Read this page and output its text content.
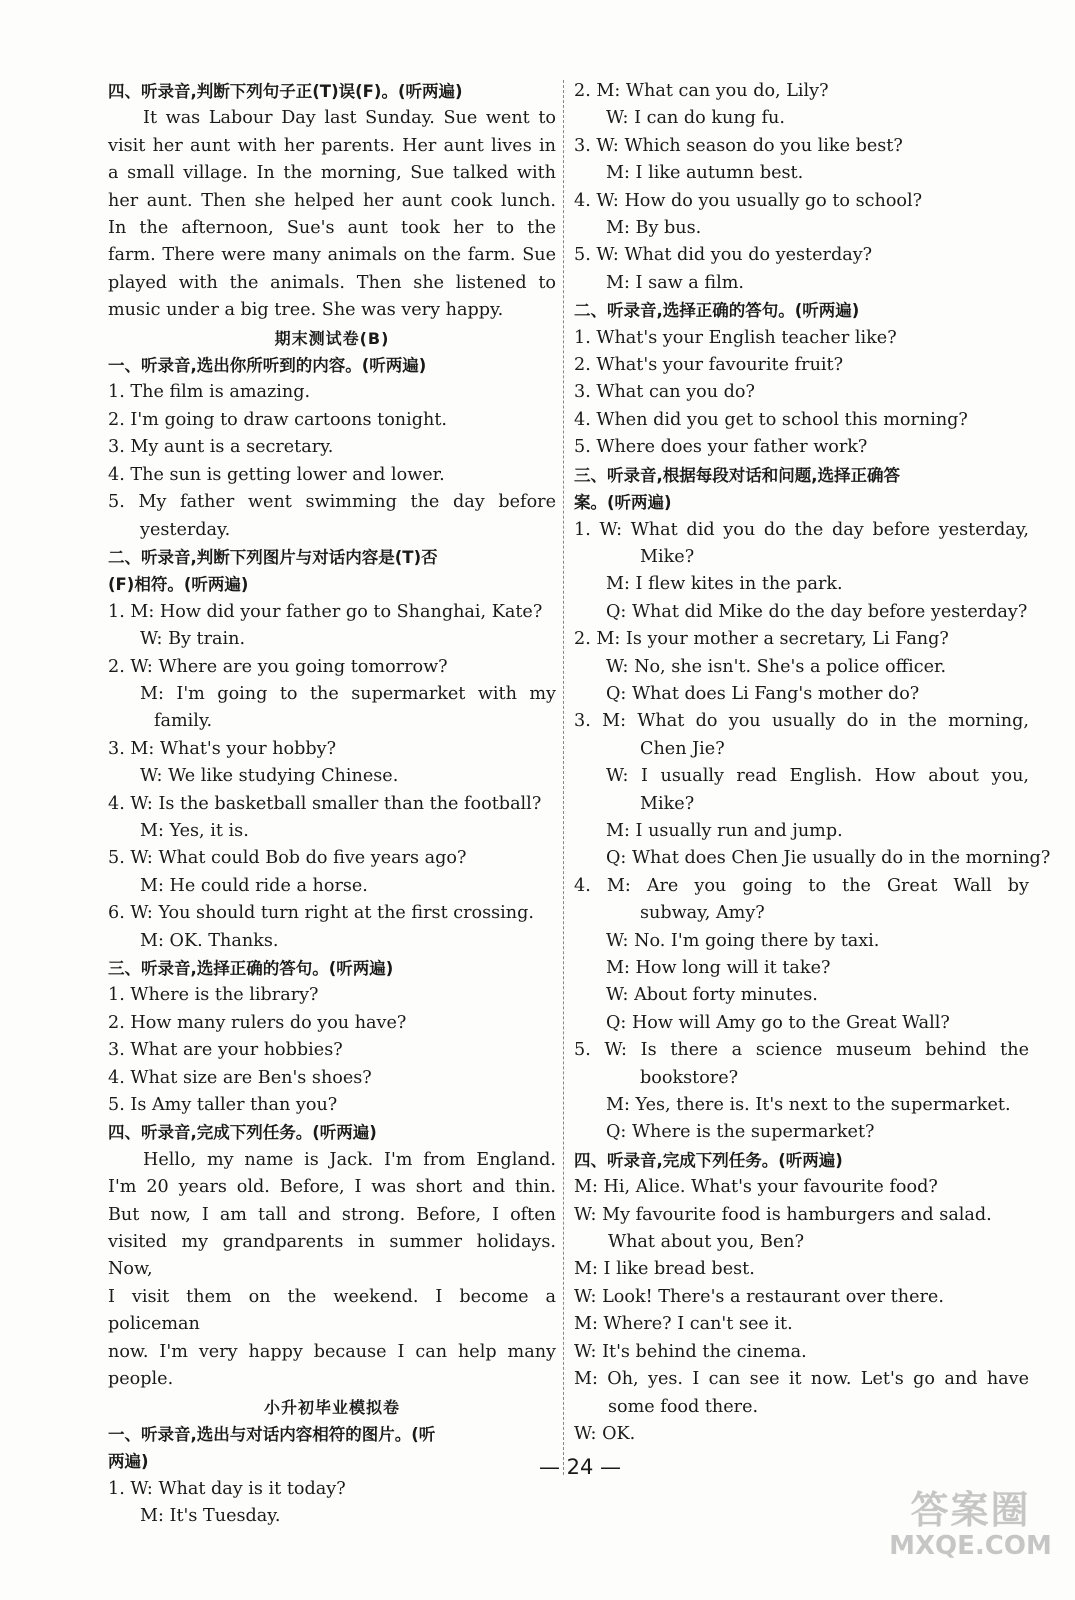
四、听录音,判断下列句子正(T)误(F)。(听两遍)
It was Labour Day last Sunday. Sue went to
visit her aunt with her parents. Her aunt lives in
a small village. In the morning, Sue talked with
her aunt. Then she helped her aunt cook lunch.
In the afternoon, Sue's aunt took her to the
farm. There were many animals on the farm. Sue
played with the animals. Then she listened to
music under a big tree. She was very happy.
期末测试卷(B)
一、听录音,选出你所听到的内容。(听两遍)
1. The film is amazing.
2. I'm going to draw cartoons tonight.
3. My aunt is a secretary.
4. The sun is getting lower and lower.
5. My father went swimming the day before
yesterday.
二、听录音,判断下列图片与对话内容是(T)否
(F)相符。(听两遍)
1. M: How did your father go to Shanghai, Kate?
W: By train.
2. W: Where are you going tomorrow?
M: I'm going to the supermarket with my
family.
3. M: What's your hobby?
W: We like studying Chinese.
4. W: Is the basketball smaller than the football?
M: Yes, it is.
5. W: What could Bob do five years ago?
M: He could ride a horse.
6. W: You should turn right at the first crossing.
M: OK. Thanks.
三、听录音,选择正确的答句。(听两遍)
1. Where is the library?
2. How many rulers do you have?
3. What are your hobbies?
4. What size are Ben's shoes?
5. Is Amy taller than you?
四、听录音,完成下列任务。(听两遍)
Hello, my name is Jack. I'm from England.
I'm 20 years old. Before, I was short and thin.
But now, I am tall and strong. Before, I often
visited my grandparents in summer holidays. Now,
I visit them on the weekend. I become a policeman
now. I'm very happy because I can help many
people.
小升初毕业模拟卷
一、听录音,选出与对话内容相符的图片。(听
两遍)
1. W: What day is it today?
M: It's Tuesday.
2. M: What can you do, Lily?
W: I can do kung fu.
3. W: Which season do you like best?
M: I like autumn best.
4. W: How do you usually go to school?
M: By bus.
5. W: What did you do yesterday?
M: I saw a film.
二、听录音,选择正确的答句。(听两遍)
1. What's your English teacher like?
2. What's your favourite fruit?
3. What can you do?
4. When did you get to school this morning?
5. Where does your father work?
三、听录音,根据每段对话和问题,选择正确答
案。(听两遍)
1. W: What did you do the day before yesterday,
Mike?
M: I flew kites in the park.
Q: What did Mike do the day before yesterday?
2. M: Is your mother a secretary, Li Fang?
W: No, she isn't. She's a police officer.
Q: What does Li Fang's mother do?
3. M: What do you usually do in the morning,
Chen Jie?
W: I usually read English. How about you,
Mike?
M: I usually run and jump.
Q: What does Chen Jie usually do in the morning?
4. M: Are you going to the Great Wall by
subway, Amy?
W: No. I'm going there by taxi.
M: How long will it take?
W: About forty minutes.
Q: How will Amy go to the Great Wall?
5. W: Is there a science museum behind the
bookstore?
M: Yes, there is. It's next to the supermarket.
Q: Where is the supermarket?
四、听录音,完成下列任务。(听两遍)
M: Hi, Alice. What's your favourite food?
W: My favourite food is hamburgers and salad.
What about you, Ben?
M: I like bread best.
W: Look! There's a restaurant over there.
M: Where? I can't see it.
W: It's behind the cinema.
M: Oh, yes. I can see it now. Let's go and have
some food there.
W: OK.
— 24 —
答案圈
MXQE.COM
